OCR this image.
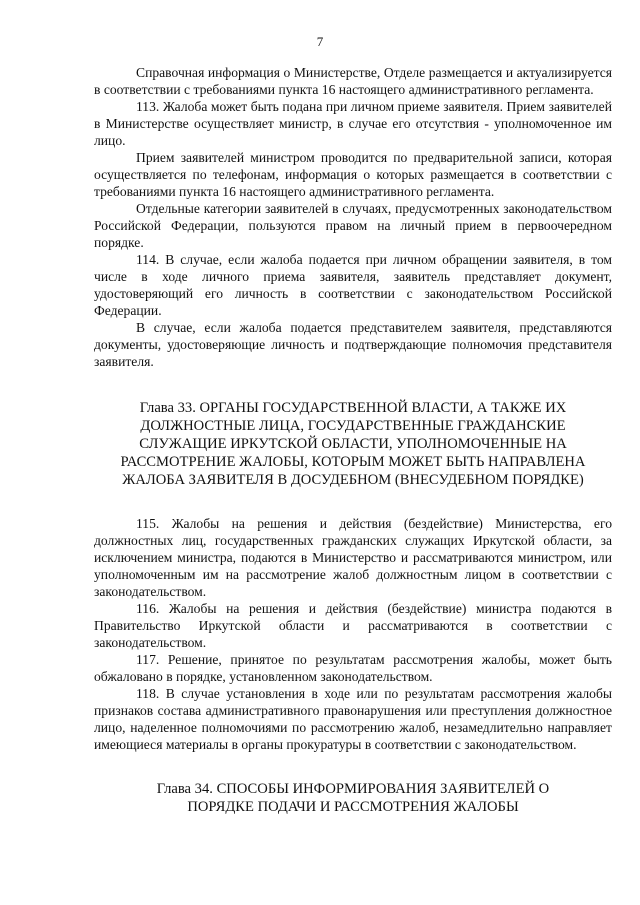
7

Справочная информация о Министерстве, Отделе размещается и актуализируется в соответствии с требованиями пункта 16 настоящего административного регламента.

113. Жалоба может быть подана при личном приеме заявителя. Прием заявителей в Министерстве осуществляет министр, в случае его отсутствия - уполномоченное им лицо.

Прием заявителей министром проводится по предварительной записи, которая осуществляется по телефонам, информация о которых размещается в соответствии с требованиями пункта 16 настоящего административного регламента.

Отдельные категории заявителей в случаях, предусмотренных законодательством Российской Федерации, пользуются правом на личный прием в первоочередном порядке.

114. В случае, если жалоба подается при личном обращении заявителя, в том числе в ходе личного приема заявителя, заявитель представляет документ, удостоверяющий его личность в соответствии с законодательством Российской Федерации.

В случае, если жалоба подается представителем заявителя, представляются документы, удостоверяющие личность и подтверждающие полномочия представителя заявителя.

Глава 33. ОРГАНЫ ГОСУДАРСТВЕННОЙ ВЛАСТИ, А ТАКЖЕ ИХ ДОЛЖНОСТНЫЕ ЛИЦА, ГОСУДАРСТВЕННЫЕ ГРАЖДАНСКИЕ СЛУЖАЩИЕ ИРКУТСКОЙ ОБЛАСТИ, УПОЛНОМОЧЕННЫЕ НА РАССМОТРЕНИЕ ЖАЛОБЫ, КОТОРЫМ МОЖЕТ БЫТЬ НАПРАВЛЕНА ЖАЛОБА ЗАЯВИТЕЛЯ В ДОСУДЕБНОМ (ВНЕСУДЕБНОМ ПОРЯДКЕ)

115. Жалобы на решения и действия (бездействие) Министерства, его должностных лиц, государственных гражданских служащих Иркутской области, за исключением министра, подаются в Министерство и рассматриваются министром, или уполномоченным им на рассмотрение жалоб должностным лицом в соответствии с законодательством.

116. Жалобы на решения и действия (бездействие) министра подаются в Правительство Иркутской области и рассматриваются в соответствии с законодательством.

117. Решение, принятое по результатам рассмотрения жалобы, может быть обжаловано в порядке, установленном законодательством.

118. В случае установления в ходе или по результатам рассмотрения жалобы признаков состава административного правонарушения или преступления должностное лицо, наделенное полномочиями по рассмотрению жалоб, незамедлительно направляет имеющиеся материалы в органы прокуратуры в соответствии с законодательством.

Глава 34. СПОСОБЫ ИНФОРМИРОВАНИЯ ЗАЯВИТЕЛЕЙ О ПОРЯДКЕ ПОДАЧИ И РАССМОТРЕНИЯ ЖАЛОБЫ
